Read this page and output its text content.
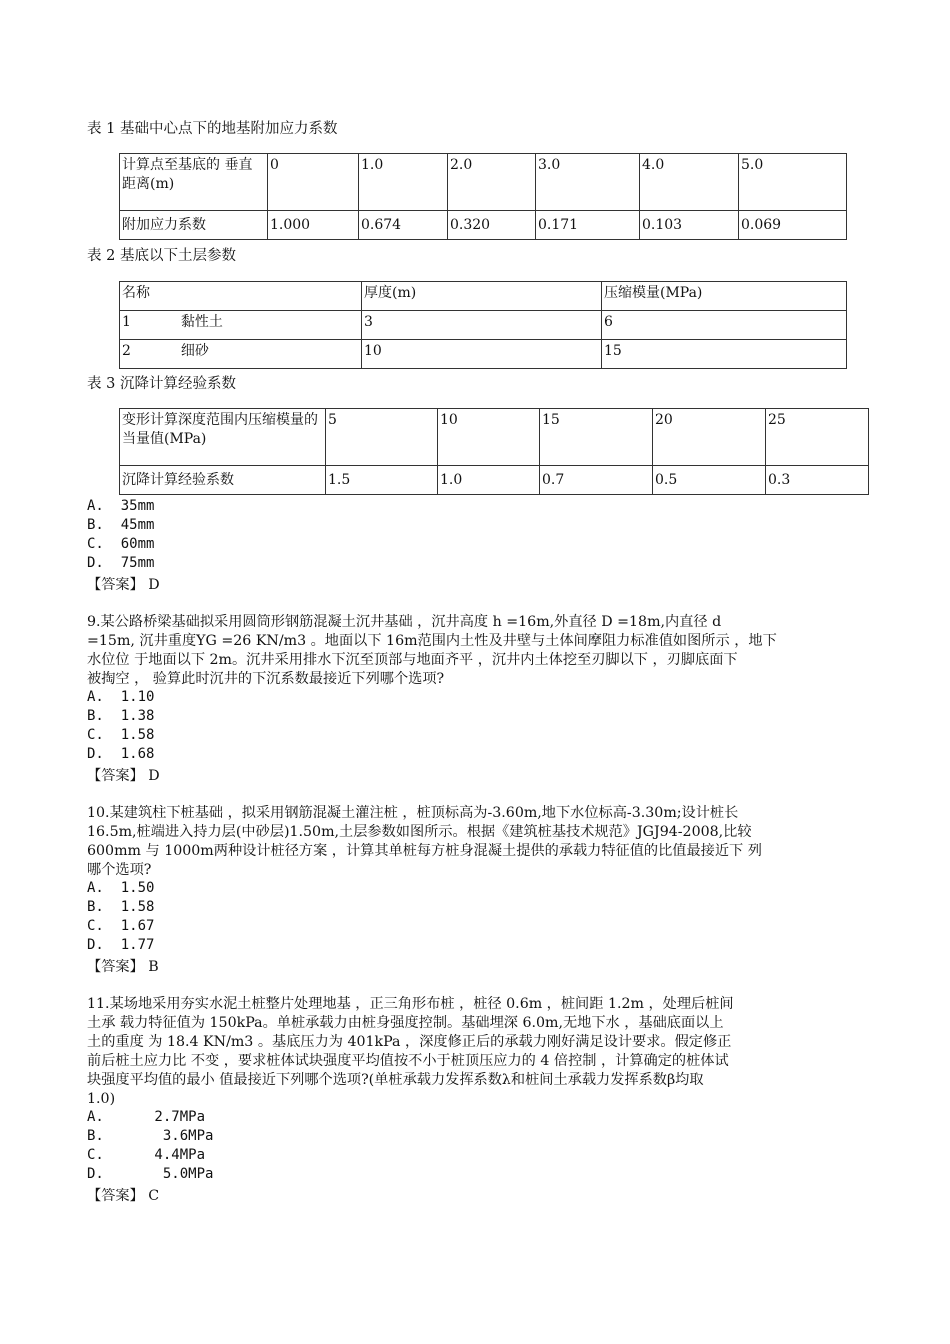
表 1 基础中心点下的地基附加应力系数
计算点至基底的 垂直距离(m)	0	1.0	2.0	3.0	4.0	5.0
附加应力系数	1.000	0.674	0.320	0.171	0.103	0.069
表 2 基底以下土层参数
名称	厚度(m)	压缩模量(MPa)
1 黏性土	3	6
2 细砂	10	15
表 3 沉降计算经验系数
变形计算深度范围内压缩模量的当量值(MPa)	5	10	15	20	25
沉降计算经验系数	1.5	1.0	0.7	0.5	0.3
A.  35mm
B.  45mm
C.  60mm
D.  75mm
【答案】 D
9.某公路桥梁基础拟采用圆筒形钢筋混凝土沉井基础 ，沉井高度 h =16m,外直径 D =18m,内直径 d
=15m, 沉井重度YG =26 KN/m3 。地面以下 16m范围内土性及井壁与土体间摩阻力标准值如图所示 ，地下
水位位 于地面以下 2m。沉井采用排水下沉至顶部与地面齐平 ，沉井内土体挖至刃脚以下 ，刃脚底面下
被掏空 ， 验算此时沉井的下沉系数最接近下列哪个选项?
A.  1.10
B.  1.38
C.  1.58
D.  1.68
【答案】 D
10.某建筑柱下桩基础 ，拟采用钢筋混凝土灌注桩 ，桩顶标高为-3.60m,地下水位标高-3.30m;设计桩长
16.5m,桩端进入持力层(中砂层)1.50m,土层参数如图所示。根据《建筑桩基技术规范》JGJ94-2008,比较
600mm 与 1000m两种设计桩径方案 ，计算其单桩每方桩身混凝土提供的承载力特征值的比值最接近下 列
哪个选项?
A.  1.50
B.  1.58
C.  1.67
D.  1.77
【答案】 B
11.某场地采用夯实水泥土桩整片处理地基 ，正三角形布桩 ，桩径 0.6m ，桩间距 1.2m ，处理后桩间
土承 载力特征值为 150kPa。单桩承载力由桩身强度控制。基础埋深 6.0m,无地下水 ，基础底面以上
土的重度 为 18.4 KN/m3 。基底压力为 401kPa ，深度修正后的承载力刚好满足设计要求。假定修正
前后桩土应力比 不变 ，要求桩体试块强度平均值按不小于桩顶压应力的 4 倍控制 ，计算确定的桩体试
块强度平均值的最小 值最接近下列哪个选项?(单桩承载力发挥系数λ和桩间土承载力发挥系数β均取
1.0)
A.      2.7MPa
B.       3.6MPa
C.      4.4MPa
D.       5.0MPa
【答案】 C
